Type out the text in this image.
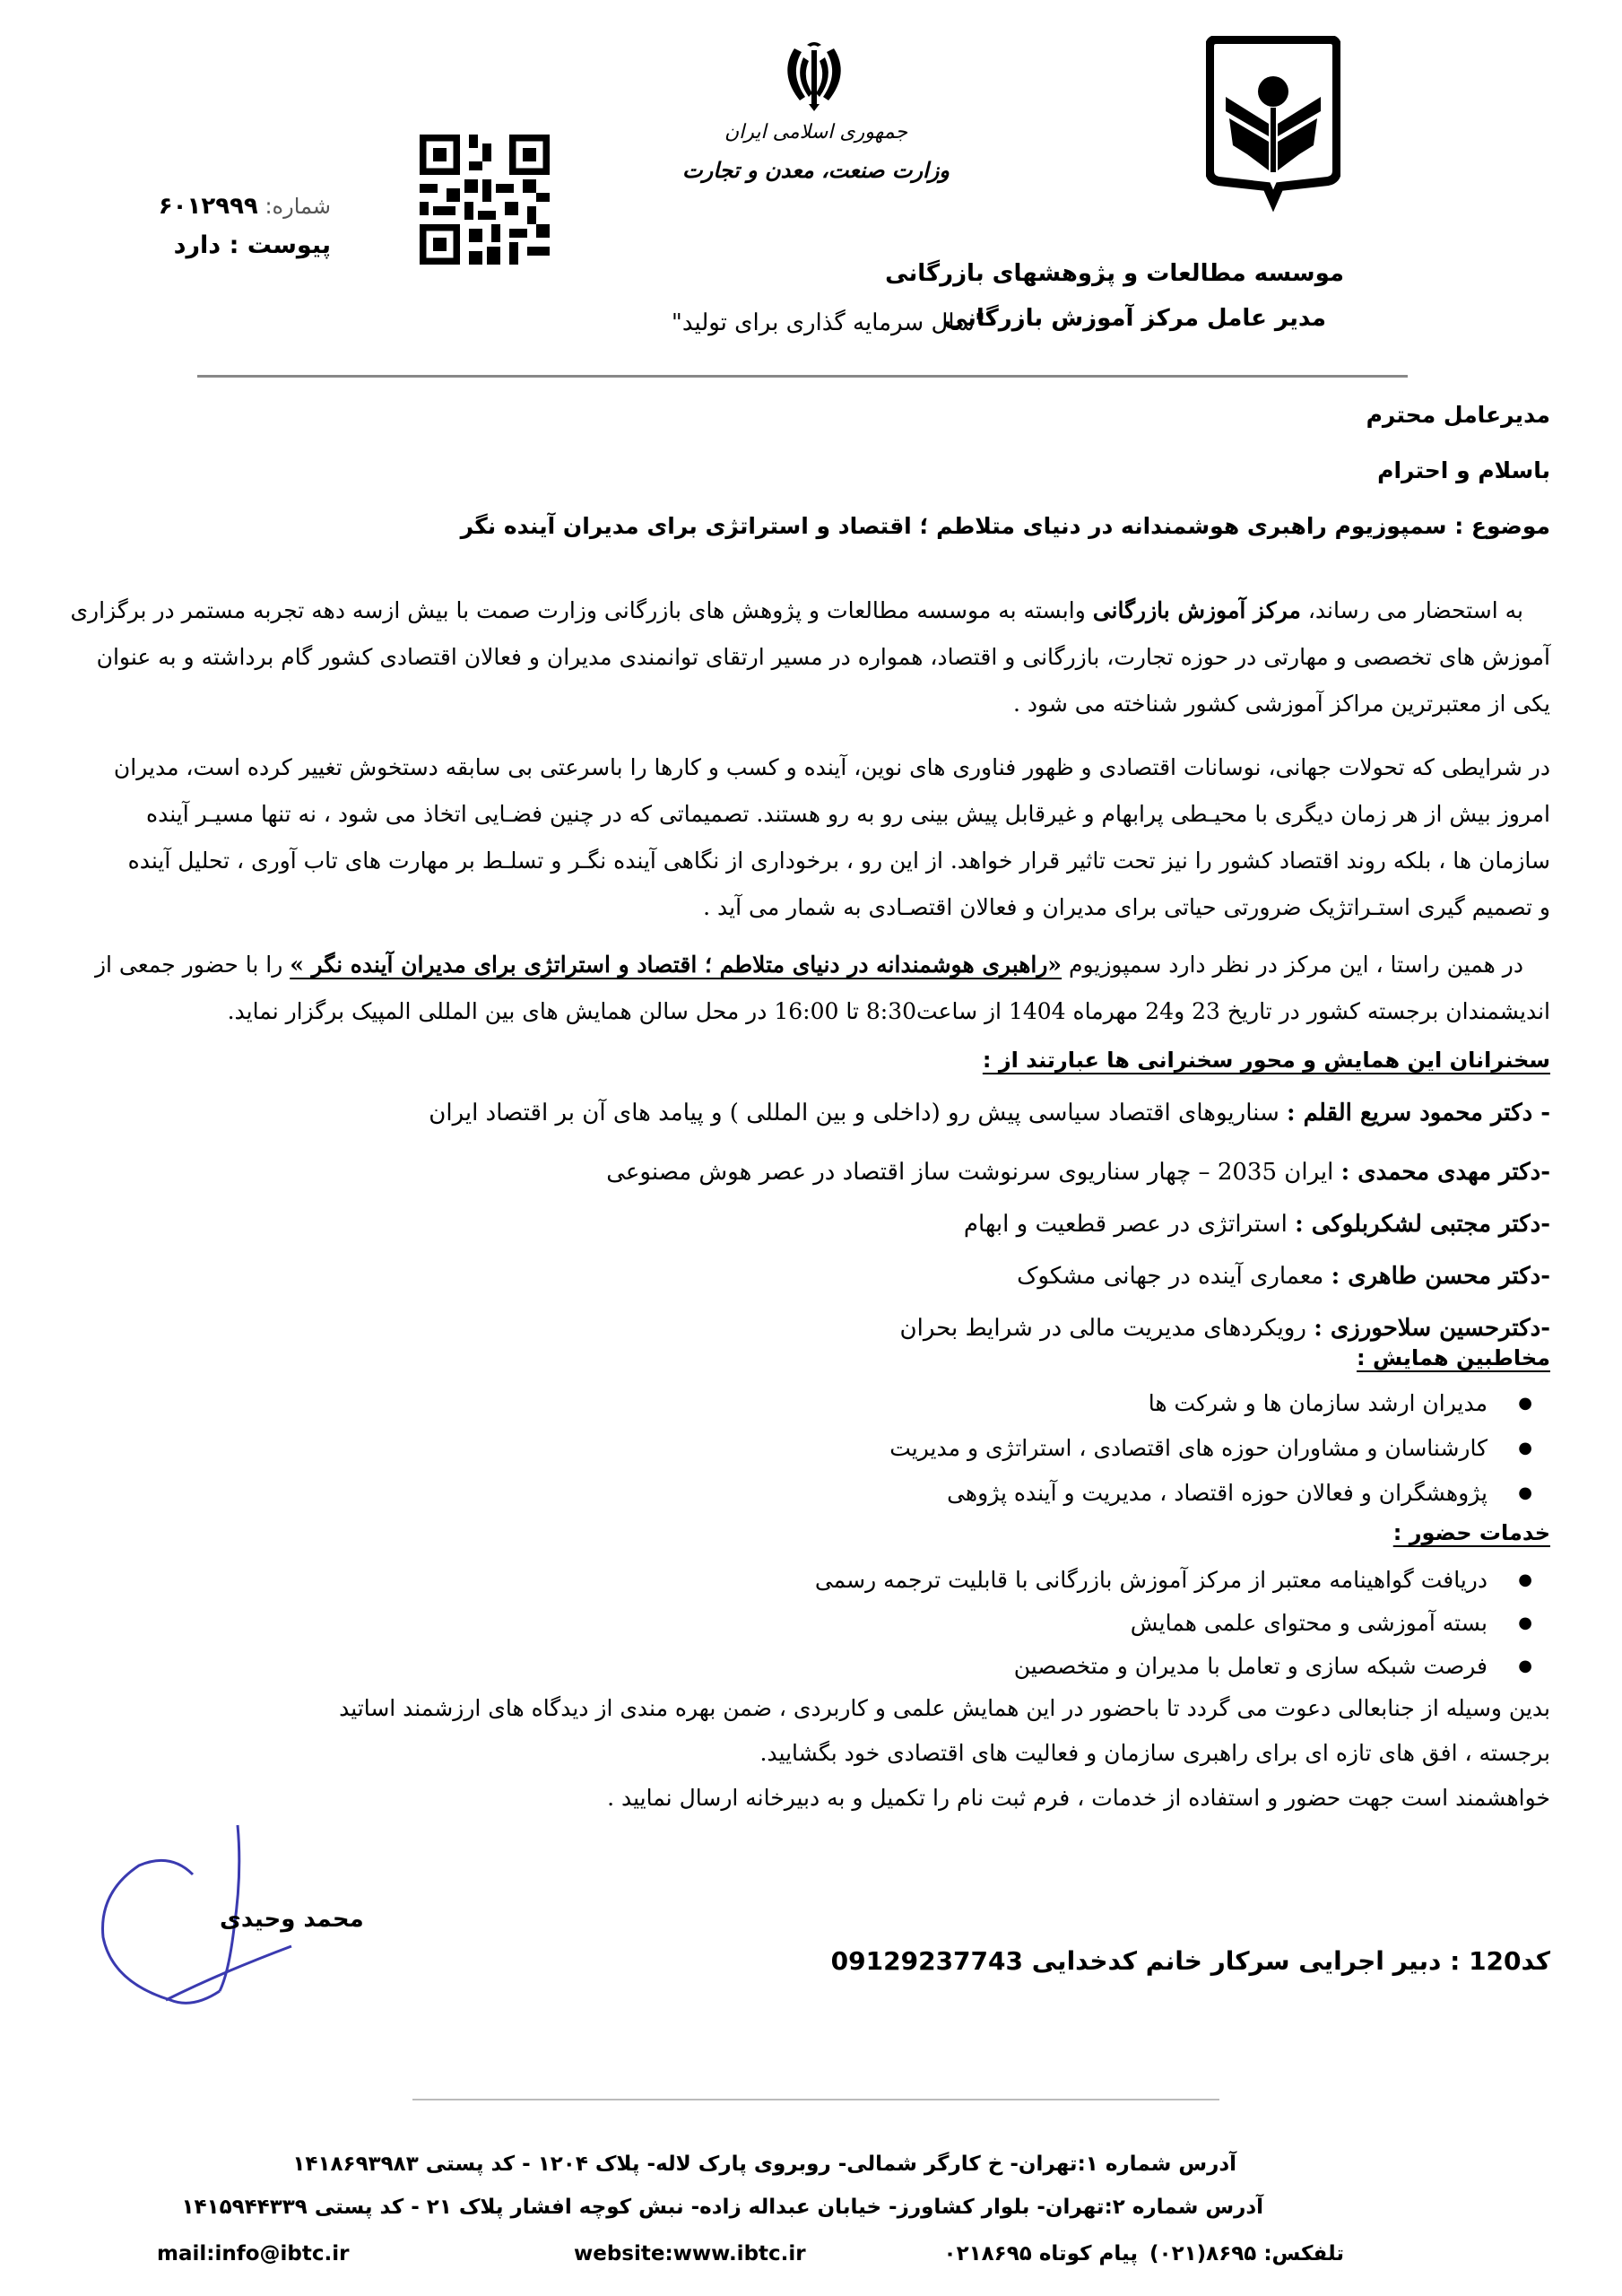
موسسه مطالعات و پژوهشهای بازرگانی
مدیر عامل مرکز آموزش بازرگانی
جمهوری اسلامی ایران
وزارت صنعت، معدن و تجارت
شماره: ۶۰۱۲۹۹۹
پیوست : دارد
"سال سرمایه گذاری برای تولید"
مدیرعامل محترم
باسلام و احترام
موضوع : سمپوزیوم راهبری هوشمندانه در دنیای متلاطم ؛ اقتصاد و استراتژی برای مدیران آینده نگر
به استحضار می رساند، مرکز آموزش بازرگانی وابسته به موسسه مطالعات و پژوهش های بازرگانی وزارت صمت با بیش ازسه دهه تجربه مستمر در برگزاری
آموزش های تخصصی و مهارتی در حوزه تجارت، بازرگانی و اقتصاد، همواره در مسیر ارتقای توانمندی مدیران و فعالان اقتصادی کشور گام برداشته و به عنوان
یکی از معتبرترین مراکز آموزشی کشور شناخته می شود .
در شرایطی که تحولات جهانی، نوسانات اقتصادی و ظهور فناوری های نوین، آینده و کسب و کارها را باسرعتی بی سابقه دستخوش تغییر کرده است، مدیران
امروز بیش از هر زمان دیگری با محیـطی پرابهام و غیرقابل پیش بینی رو به رو هستند. تصمیماتی که در چنین فضـایی اتخاذ می شود ، نه تنها مسیـر آینده
سازمان ها ، بلکه روند اقتصاد کشور را نیز تحت تاثیر قرار خواهد. از این رو ، برخوداری از نگاهی آینده نگـر و تسلـط بر مهارت های تاب آوری ، تحلیل آینده
و تصمیم گیری استـراتژیک ضرورتی حیاتی برای مدیران و فعالان اقتصـادی به شمار می آید .
در همین راستا ، این مرکز در نظر دارد سمپوزیوم «راهبری هوشمندانه در دنیای متلاطم ؛ اقتصاد و استراتژی برای مدیران آینده نگر » را با حضور جمعی از
اندیشمندان برجسته کشور در تاریخ 23 و24 مهرماه 1404 از ساعت8:30 تا 16:00 در محل سالن همایش های بین المللی المپیک برگزار نماید.
سخنرانان این همایش و محور سخنرانی ها عبارتند از :
- دکتر محمود سریع القلم : سناریوهای اقتصاد سیاسی پیش رو (داخلی و بین المللی ) و پیامد های آن بر اقتصاد ایران
-دکتر مهدی محمدی : ایران 2035 – چهار سناریوی سرنوشت ساز اقتصاد در عصر هوش مصنوعی
-دکتر مجتبی لشکربلوکی : استراتژی در عصر قطعیت و ابهام
-دکتر محسن طاهری : معماری آینده در جهانی مشکوک
-دکترحسین سلاحورزی : رویکردهای مدیریت مالی در شرایط بحران
مخاطبین همایش :
● مدیران ارشد سازمان ها و شرکت ها
● کارشناسان و مشاوران حوزه های اقتصادی ، استراتژی و مدیریت
● پژوهشگران و فعالان حوزه اقتصاد ، مدیریت و آینده پژوهی
خدمات حضور :
● دریافت گواهینامه معتبر از مرکز آموزش بازرگانی با قابلیت ترجمه رسمی
● بسته آموزشی و محتوای علمی همایش
● فرصت شبکه سازی و تعامل با مدیران و متخصصین
بدین وسیله از جنابعالی دعوت می گردد تا باحضور در این همایش علمی و کاربردی ، ضمن بهره مندی از دیدگاه های ارزشمند اساتید
برجسته ، افق های تازه ای برای راهبری سازمان و فعالیت های اقتصادی خود بگشایید.
خواهشمند است جهت حضور و استفاده از خدمات ، فرم ثبت نام را تکمیل و به دبیرخانه ارسال نمایید .
محمد وحیدی
کد120 : دبیر اجرایی سرکار خانم کدخدایی 09129237743
آدرس شماره ۱:تهران- خ کارگر شمالی- روبروی پارک لاله- پلاک ۱۲۰۴ - کد پستی ۱۴۱۸۶۹۳۹۸۳
آدرس شماره ۲:تهران- بلوار کشاورز- خیابان عبداله زاده- نبش کوچه افشار پلاک ۲۱ - کد پستی ۱۴۱۵۹۴۴۳۳۹
تلفکس: ۸۶۹۵(۰۲۱)
پیام کوتاه ۰۲۱۸۶۹۵
website:www.ibtc.ir
mail:info@ibtc.ir
